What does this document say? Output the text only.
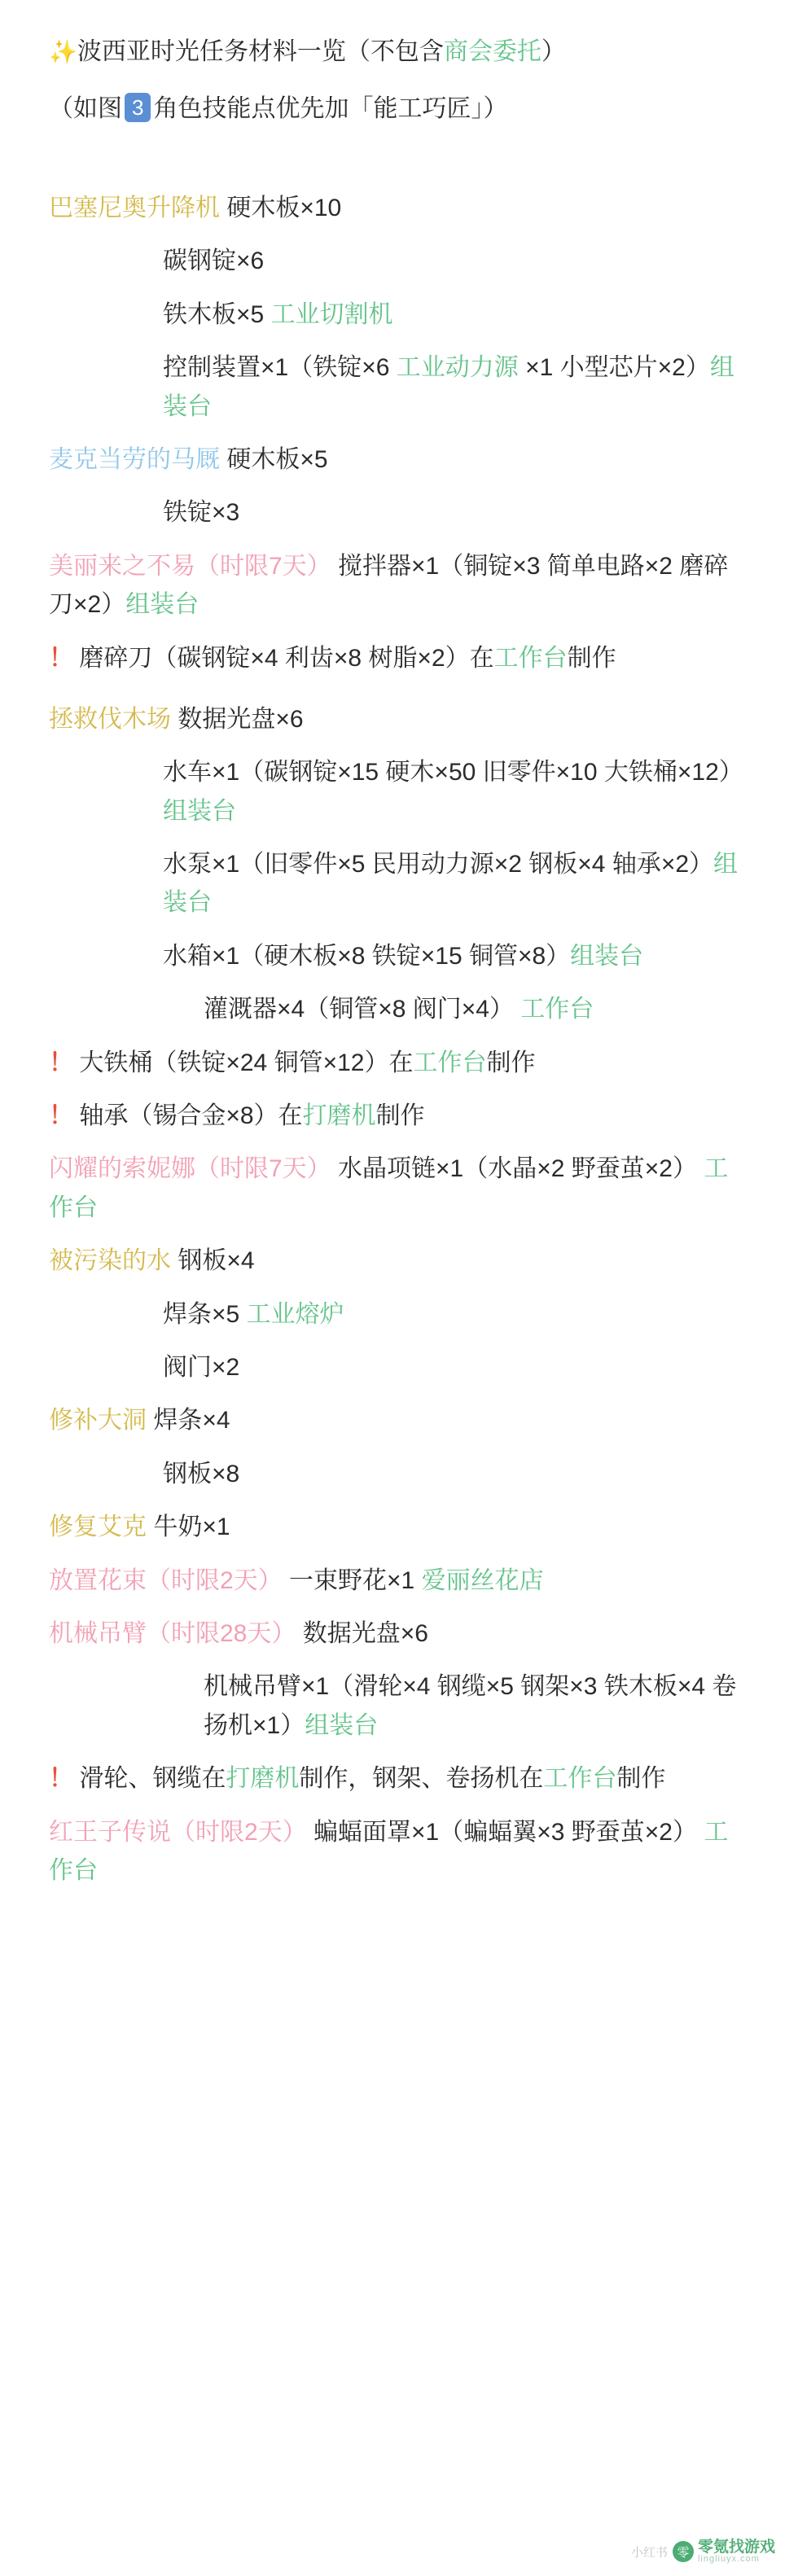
✨波西亚时光任务材料一览（不包含商会委托）
（如图 3 角色技能点优先加「能工巧匠」）
巴塞尼奥升降机 硬木板×10
碳钢锭×6
铁木板×5 工业切割机
控制装置×1（铁锭×6 工业动力源 ×1 小型芯片×2）组装台
麦克当劳的马厩 硬木板×5
铁锭×3
美丽来之不易（时限7天） 搅拌器×1（铜锭×3 简单电路×2 磨碎刀×2）组装台
！ 磨碎刀（碳钢锭×4 利齿×8 树脂×2）在工作台制作
拯救伐木场 数据光盘×6
水车×1（碳钢锭×15 硬木×50 旧零件×10 大铁桶×12）组装台
水泵×1（旧零件×5 民用动力源×2 钢板×4 轴承×2）组装台
水箱×1（硬木板×8 铁锭×15 铜管×8）组装台
灌溉器×4（铜管×8 阀门×4） 工作台
！ 大铁桶（铁锭×24 铜管×12）在工作台制作
！ 轴承（锡合金×8）在打磨机制作
闪耀的索妮娜（时限7天） 水晶项链×1（水晶×2 野蚕茧×2） 工作台
被污染的水 钢板×4
焊条×5 工业熔炉
阀门×2
修补大洞 焊条×4
钢板×8
修复艾克 牛奶×1
放置花束（时限2天） 一束野花×1 爱丽丝花店
机械吊臂（时限28天） 数据光盘×6
机械吊臂×1（滑轮×4 钢缆×5 钢架×3 铁木板×4 卷扬机×1）组装台
！ 滑轮、钢缆在打磨机制作，钢架、卷扬机在工作台制作
红王子传说（时限2天） 蝙蝠面罩×1（蝙蝠翼×3 野蚕茧×2） 工作台
小红书 零 零氪找游戏
lingliuyx.com
